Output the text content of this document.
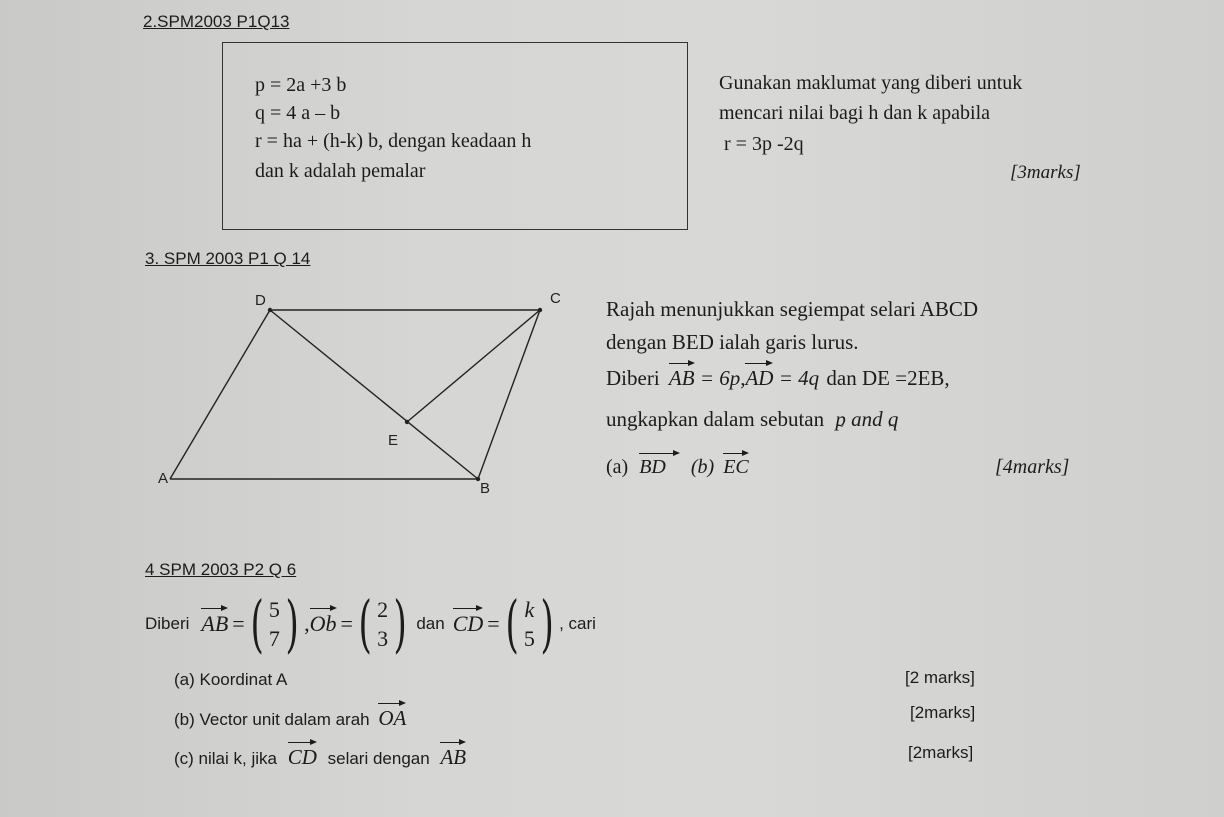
2.SPM2003 P1Q13
p = 2a +3 b
q = 4 a – b
r = ha + (h-k) b, dengan keadaan h
dan k adalah pemalar
Gunakan maklumat yang diberi untuk
mencari nilai bagi h dan k apabila
r = 3p -2q
[3marks]
3. SPM 2003 P1 Q 14
D	C
E
A
B
Rajah menunjukkan segiempat selari ABCD
dengan BED ialah garis lurus.
Diberi AB = 6p,AD = 4q dan DE =2EB,
ungkapkan dalam sebutan p ~ and q ~
(a) BD (b) EC	[4marks]
4 SPM 2003 P2 Q 6
Diberi AB = ( 5
7 ) , Ob = ( 2
3 ) dan CD = ( k
5 ) , cari
(a) Koordinat A	[2 marks]
(b) Vector unit dalam arah OA	[2marks]
(c) nilai k, jika CD selari dengan AB	[2marks]
